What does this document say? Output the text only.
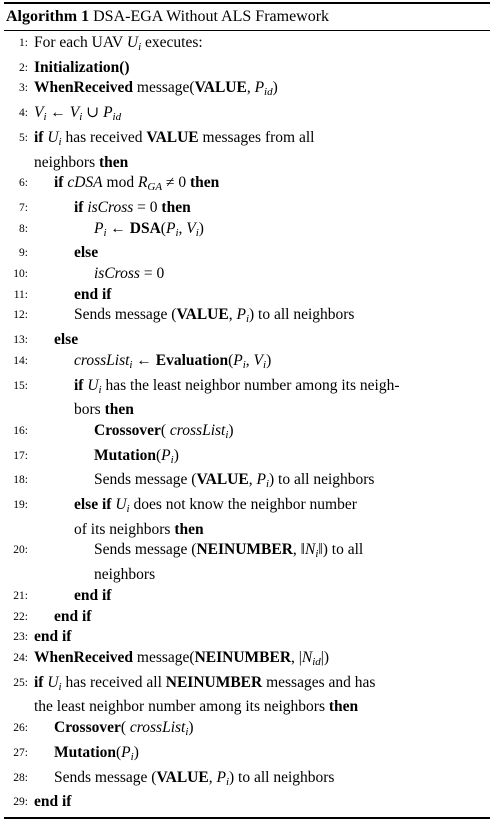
Algorithm 1 DSA-EGA Without ALS Framework
1: For each UAV $U_i$ executes:
2: Initialization()
3: WhenReceived message(VALUE, $P_{id}$)
4: $V_i$ ← $V_i$ ∪ $P_{id}$
5: if $U_i$ has received VALUE messages from all
neighbors then
6:	if cDSA mod $R_{GA} \ne 0$ then
7:	if isCross = 0 then
8:	$P_i$ ← $DSA(P_i$, $V_i$)
9:	else
10:	isCross = 0
11:	end if
12:	Sends message (VALUE, $P_i$) to all neighbors
13:	else
14:	crossList$_i$ ← $Evaluation(P_i$, $V_i$)
15:	if $U_i$ has the least neighbor number among its neigh-
bors then
16:	Crossover( crossList$_i$)
17:	$Mutation(P_i)$
18:	Sends message (VALUE, $P_i$) to all neighbors
19:	else if $U_i$ does not know the neighbor number
of its neighbors then
20:	Sends message (NEINUMBER, $‖N_i‖$) to all
neighbors
21:	end if
22:	end if
23: end if
24: WhenReceived message(NEINUMBER, $|N_{id}|$)
25: if $U_i$ has received all NEINUMBER messages and has
the least neighbor number among its neighbors then
26:	Crossover( crossList$_i$)
27:	$Mutation(P_i)$
28:	Sends message (VALUE, $P_i$) to all neighbors
29: end if
